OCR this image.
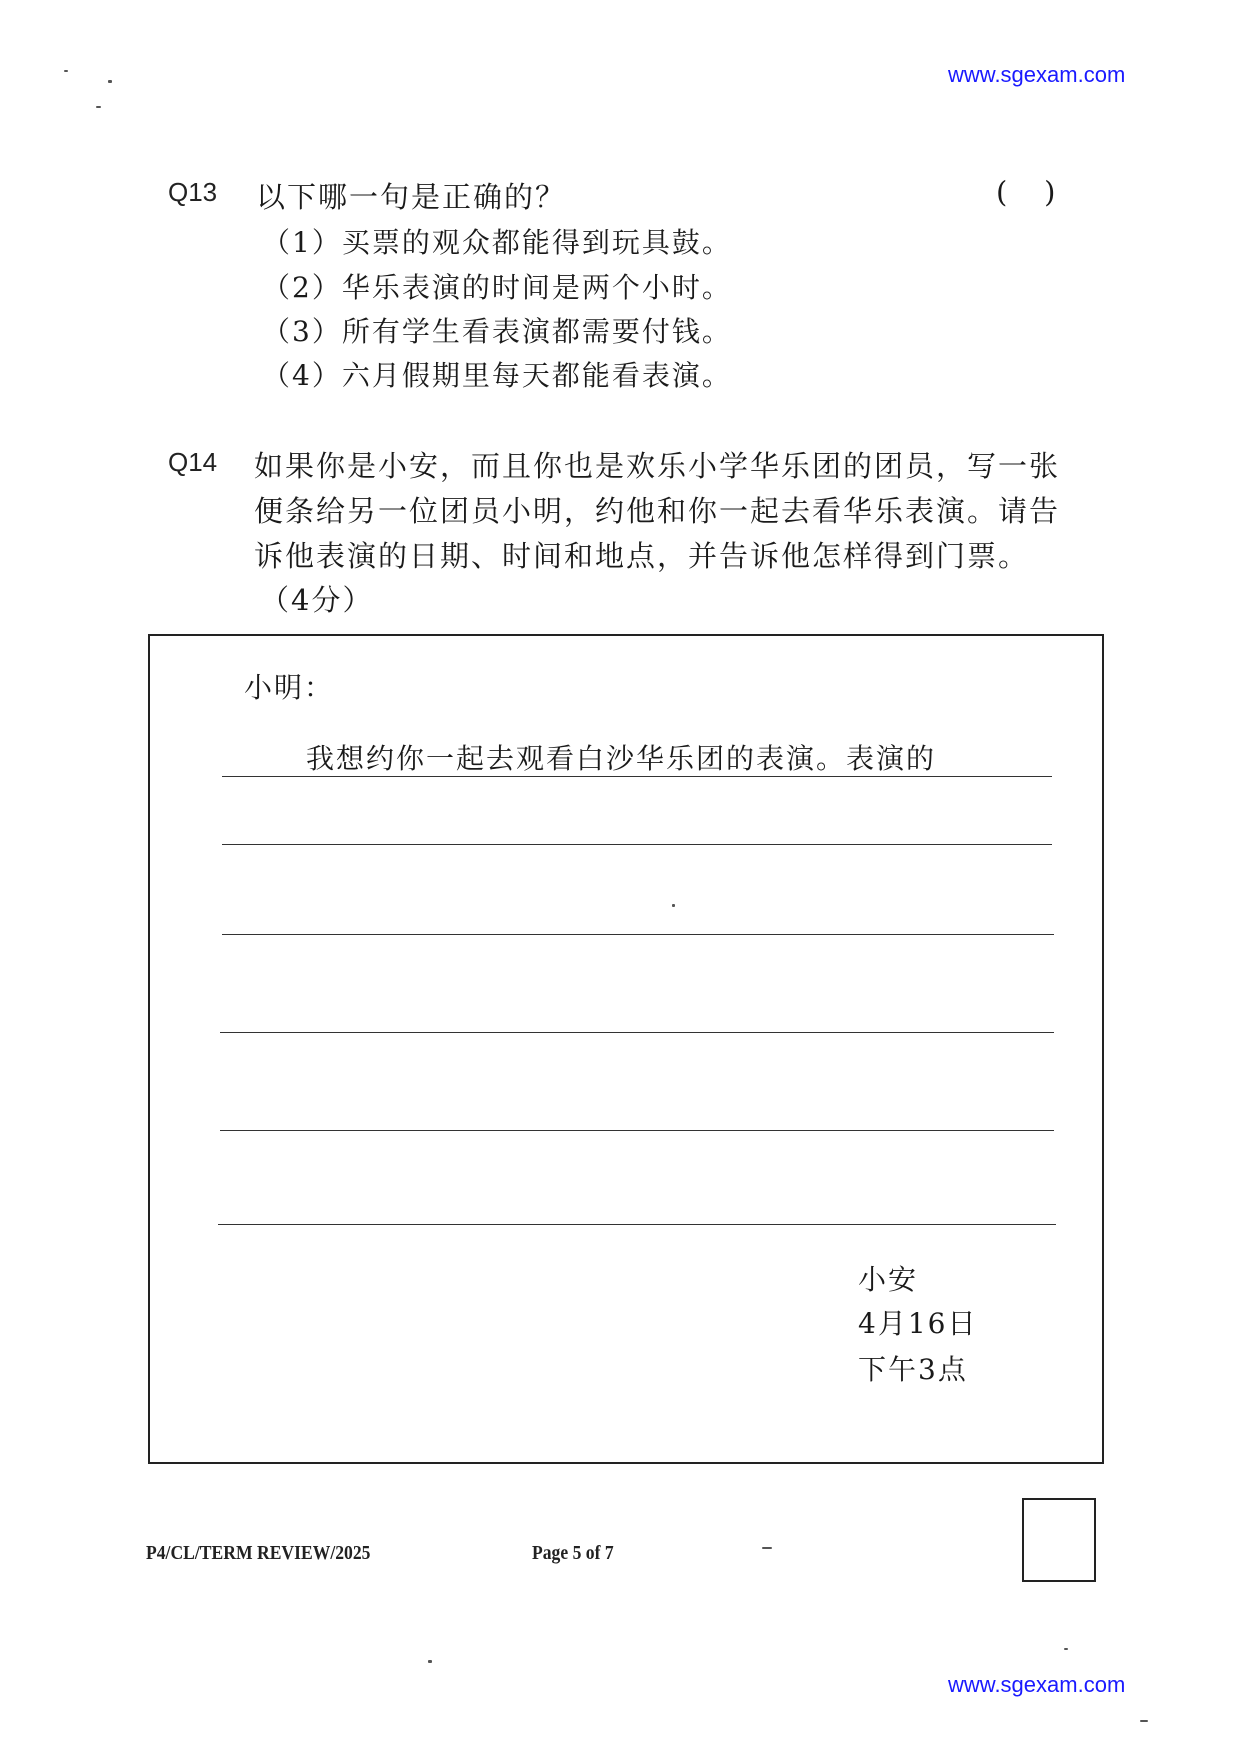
www.sgexam.com
www.sgexam.com
Q13 以下哪一句是正确的？	(    )
（1）买票的观众都能得到玩具鼓。
（2）华乐表演的时间是两个小时。
（3）所有学生看表演都需要付钱。
（4）六月假期里每天都能看表演。
Q14 如果你是小安，而且你也是欢乐小学华乐团的团员，写一张
便条给另一位团员小明，约他和你一起去看华乐表演。请告
诉他表演的日期、时间和地点，并告诉他怎样得到门票。
（4分）
小明：
我想约你一起去观看白沙华乐团的表演。表演的
小安
4月16日
下午3点
P4/CL/TERM REVIEW/2025	Page 5 of 7
